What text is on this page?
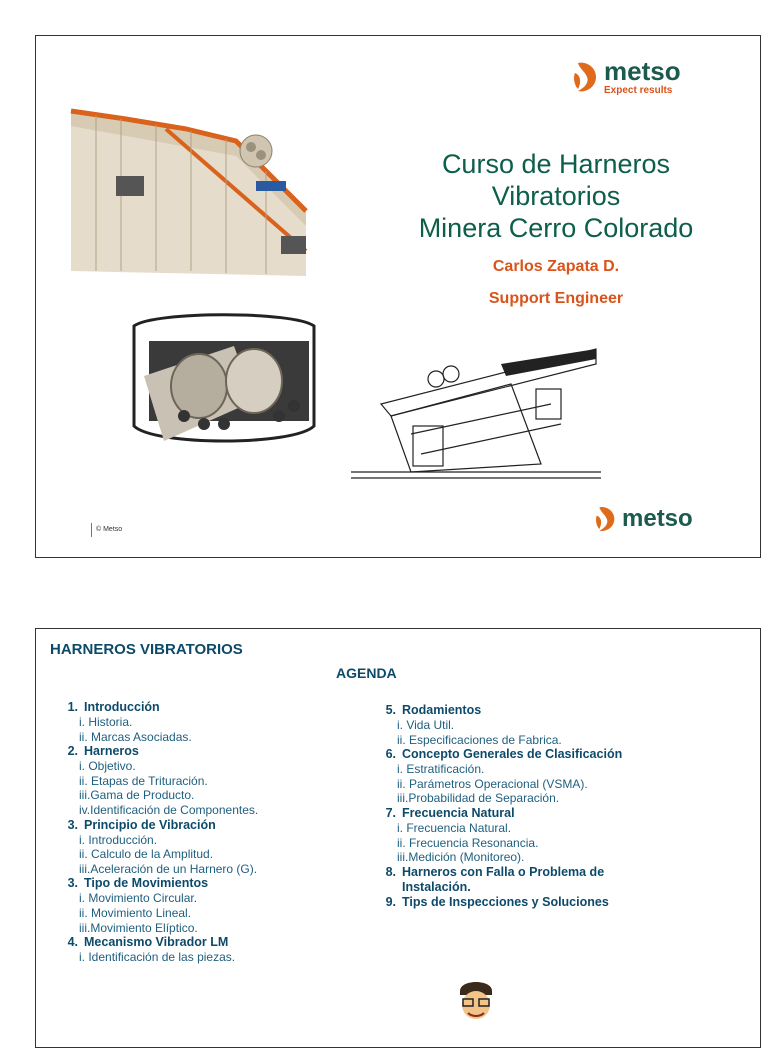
metso
Expect results
Curso de Harneros
Vibratorios
Minera Cerro Colorado
Carlos Zapata D.
Support Engineer
© Metso	metso
HARNEROS VIBRATORIOS
AGENDA
1. Introducción
i. Historia.
ii. Marcas Asociadas.
2. Harneros
i. Objetivo.
ii. Etapas de Trituración.
iii.Gama de Producto.
iv.Identificación de Componentes.
3. Principio de Vibración
i. Introducción.
ii. Calculo de la Amplitud.
iii.Aceleración de un Harnero (G).
3. Tipo de Movimientos
i. Movimiento Circular.
ii. Movimiento Lineal.
iii.Movimiento Elíptico.
4. Mecanismo Vibrador LM
i. Identificación de las piezas.
5. Rodamientos
i. Vida Util.
ii. Especificaciones de Fabrica.
6. Concepto Generales de Clasificación
i. Estratificación.
ii. Parámetros Operacional (VSMA).
iii.Probabilidad de Separación.
7. Frecuencia Natural
i. Frecuencia Natural.
ii. Frecuencia Resonancia.
iii.Medición (Monitoreo).
8. Harneros con Falla o Problema de
Instalación.
9. Tips de Inspecciones y Soluciones
